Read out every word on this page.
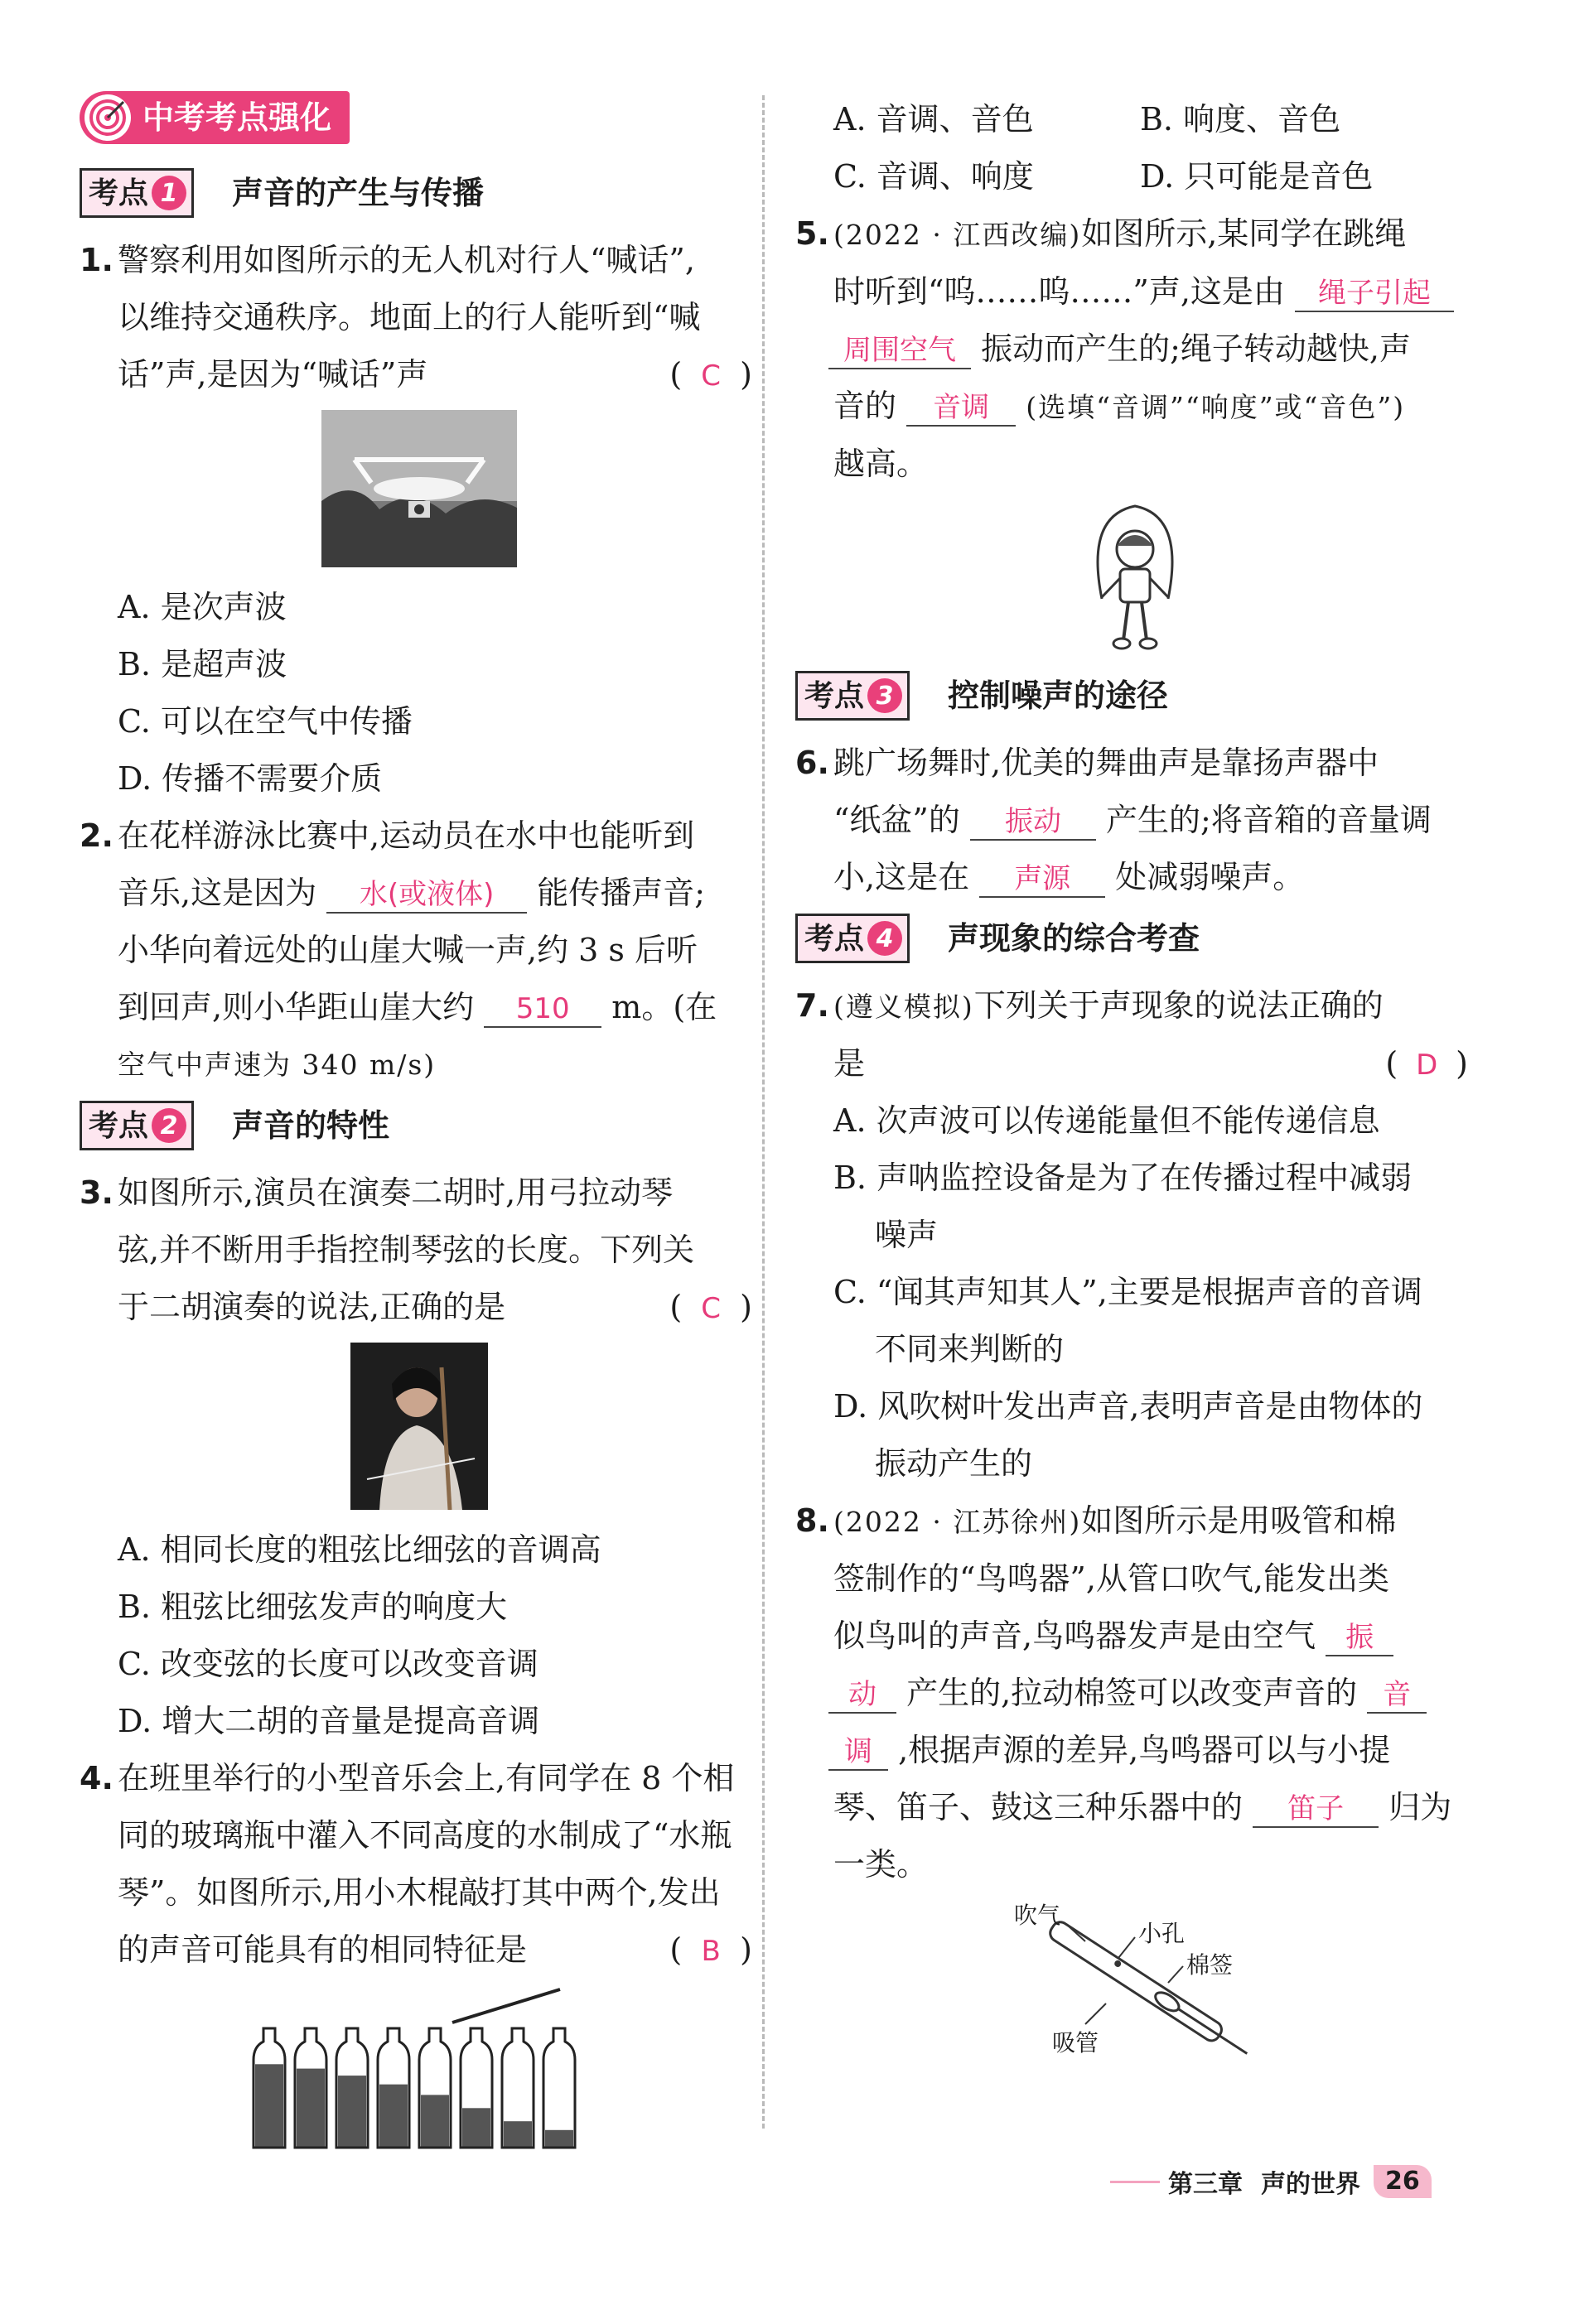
中考考点强化
考点 1 声音的产生与传播
1. 警察利用如图所示的无人机对行人“喊话”,
以维持交通秩序。地面上的行人能听到“喊
话”声,是因为“喊话”声	( C )
A. 是次声波
B. 是超声波
C. 可以在空气中传播
D. 传播不需要介质
2. 在花样游泳比赛中,运动员在水中也能听到
音乐,这是因为 水(或液体) 能传播声音;
小华向着远处的山崖大喊一声,约 3 s 后听
到回声,则小华距山崖大约 510 m。(在
空气中声速为 340 m/s)
考点 2 声音的特性
3. 如图所示,演员在演奏二胡时,用弓拉动琴
弦,并不断用手指控制琴弦的长度。下列关
于二胡演奏的说法,正确的是	( C )
A. 相同长度的粗弦比细弦的音调高
B. 粗弦比细弦发声的响度大
C. 改变弦的长度可以改变音调
D. 增大二胡的音量是提高音调
4. 在班里举行的小型音乐会上,有同学在 8 个相
同的玻璃瓶中灌入不同高度的水制成了“水瓶
琴”。如图所示,用小木棍敲打其中两个,发出
的声音可能具有的相同特征是	( B )
A. 音调、音色	B. 响度、音色
C. 音调、响度	D. 只可能是音色
5. (2022 · 江西改编)如图所示,某同学在跳绳
时听到“呜……呜……”声,这是由 绳子引起
周围空气 振动而产生的;绳子转动越快,声
音的 音调 (选填“音调”“响度”或“音色”)
越高。
考点 3 控制噪声的途径
6. 跳广场舞时,优美的舞曲声是靠扬声器中
“纸盆”的 振动 产生的;将音箱的音量调
小,这是在 声源 处减弱噪声。
考点 4 声现象的综合考查
7. (遵义模拟)下列关于声现象的说法正确的
是	( D )
A. 次声波可以传递能量但不能传递信息
B. 声呐监控设备是为了在传播过程中减弱
噪声
C. “闻其声知其人”,主要是根据声音的音调
不同来判断的
D. 风吹树叶发出声音,表明声音是由物体的
振动产生的
8. (2022 · 江苏徐州)如图所示是用吸管和棉
签制作的“鸟鸣器”,从管口吹气,能发出类
似鸟叫的声音,鸟鸣器发声是由空气 振
动 产生的,拉动棉签可以改变声音的 音
调 ,根据声源的差异,鸟鸣器可以与小提
琴、笛子、鼓这三种乐器中的 笛子 归为
一类。
吹气
小孔
棉签
吸管
第三章 声的世界	26
